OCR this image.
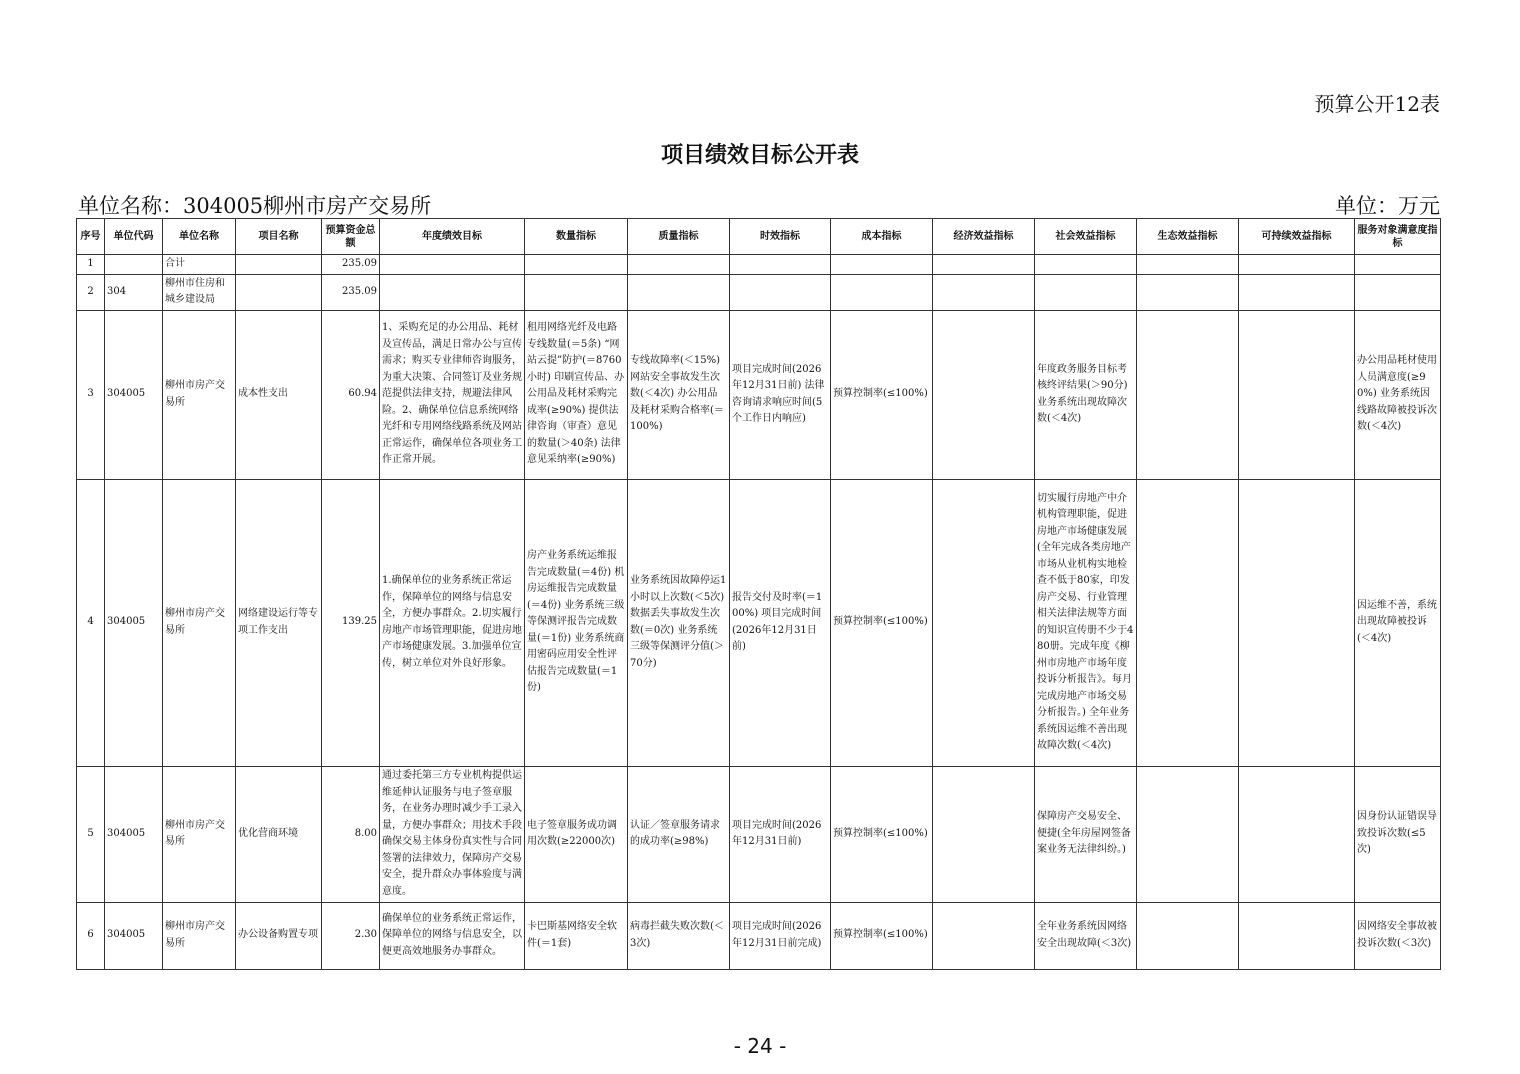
预算公开12表
项目绩效目标公开表
单位名称：304005柳州市房产交易所	单位：万元
序号	单位代码	单位名称	项目名称	预算资金总额	年度绩效目标	数量指标	质量指标	时效指标	成本指标	经济效益指标	社会效益指标	生态效益指标	可持续效益指标	服务对象满意度指标
1		合计		235.09										
2	304	柳州市住房和城乡建设局		235.09										
3	304005	柳州市房产交易所	成本性支出	60.94	1、采购充足的办公用品、耗材及宣传品，满足日常办公与宣传需求；购买专业律师咨询服务，为重大决策、合同签订及业务规范提供法律支持，规避法律风险。2、确保单位信息系统网络光纤和专用网络线路系统及网站正常运作，确保单位各项业务工作正常开展。	租用网络光纤及电路专线数量(＝5条) “网站云提”防护(＝8760小时) 印刷宣传品、办公用品及耗材采购完成率(≥90%) 提供法律咨询（审查）意见的数量(＞40条) 法律意见采纳率(≥90%)	专线故障率(＜15%) 网站安全事故发生次数(＜4次) 办公用品及耗材采购合格率(＝100%)	项目完成时间(2026年12月31日前) 法律咨询请求响应时间(5个工作日内响应)	预算控制率(≤100%)		年度政务服务目标考核终评结果(＞90分) 业务系统出现故障次数(＜4次)			办公用品耗材使用人员满意度(≥90%) 业务系统因线路故障被投诉次数(＜4次)
4	304005	柳州市房产交易所	网络建设运行等专项工作支出	139.25	1.确保单位的业务系统正常运作，保障单位的网络与信息安全，方便办事群众。2.切实履行房地产市场管理职能，促进房地产市场健康发展。3.加强单位宣传，树立单位对外良好形象。	房产业务系统运维报告完成数量(＝4份) 机房运维报告完成数量(＝4份) 业务系统三级等保测评报告完成数量(＝1份) 业务系统商用密码应用安全性评估报告完成数量(＝1份)	业务系统因故障停运1小时以上次数(＜5次) 数据丢失事故发生次数(＝0次) 业务系统三级等保测评分值(＞70分)	报告交付及时率(＝100%) 项目完成时间(2026年12月31日前)	预算控制率(≤100%)		切实履行房地产中介机构管理职能，促进房地产市场健康发展(全年完成各类房地产市场从业机构实地检查不低于80家，印发房产交易、行业管理相关法律法规等方面的知识宣传册不少于480册。完成年度《柳州市房地产市场年度投诉分析报告》。每月完成房地产市场交易分析报告。) 全年业务系统因运维不善出现故障次数(＜4次)			因运维不善，系统出现故障被投诉(＜4次)
5	304005	柳州市房产交易所	优化营商环境	8.00	通过委托第三方专业机构提供运维延伸认证服务与电子签章服务，在业务办理时减少手工录入量，方便办事群众；用技术手段确保交易主体身份真实性与合同签署的法律效力，保障房产交易安全，提升群众办事体验度与满意度。	电子签章服务成功调用次数(≥22000次)	认证／签章服务请求的成功率(≥98%)	项目完成时间(2026年12月31日前)	预算控制率(≤100%)		保障房产交易安全、便捷(全年房屋网签备案业务无法律纠纷。)			因身份认证错误导致投诉次数(≤5次)
6	304005	柳州市房产交易所	办公设备购置专项	2.30	确保单位的业务系统正常运作，保障单位的网络与信息安全，以便更高效地服务办事群众。	卡巴斯基网络安全软件(＝1套)	病毒拦截失败次数(＜3次)	项目完成时间(2026年12月31日前完成)	预算控制率(≤100%)		全年业务系统因网络安全出现故障(＜3次)			因网络安全事故被投诉次数(＜3次)
- 24 -
